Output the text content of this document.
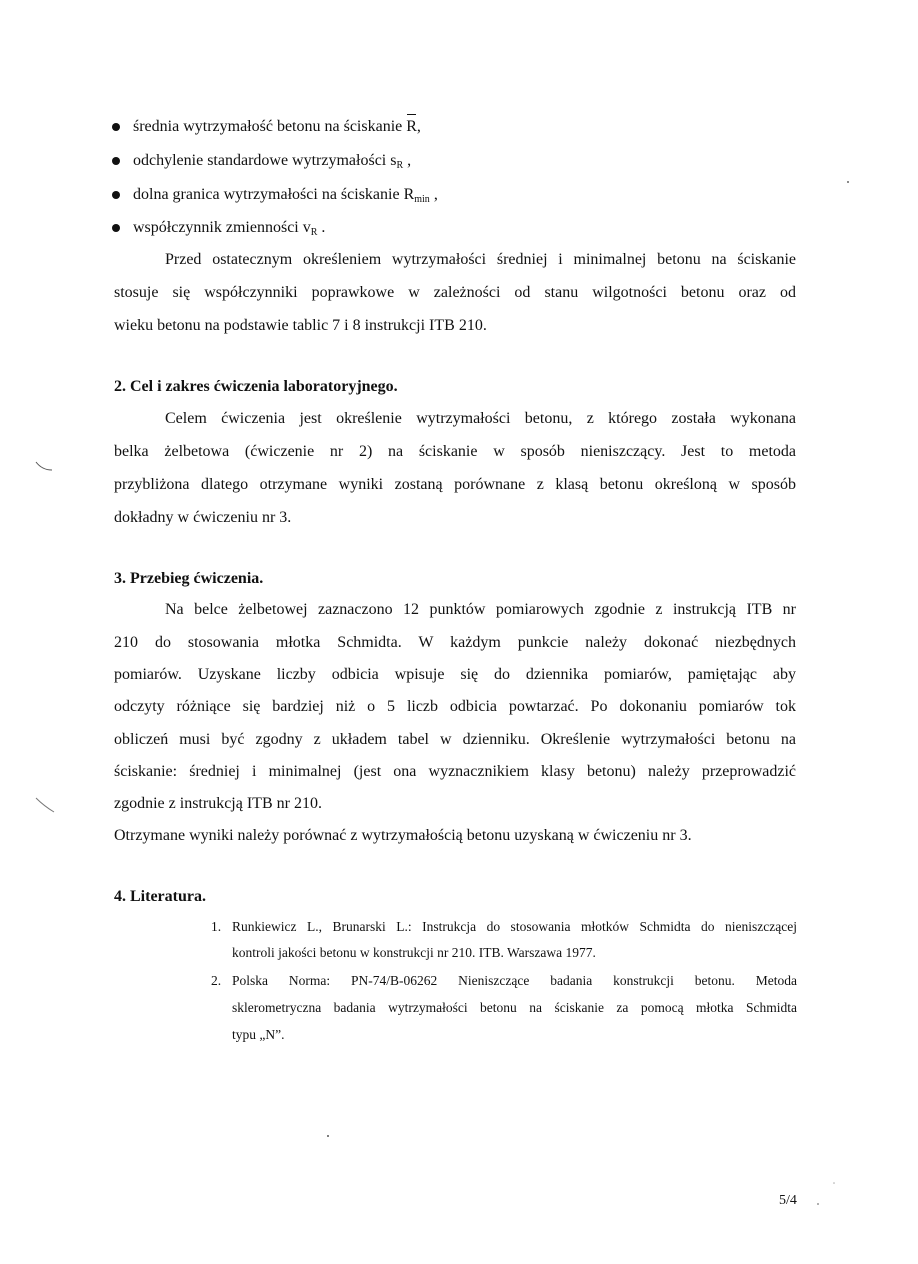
średnia wytrzymałość betonu na ściskanie R,
odchylenie standardowe wytrzymałości $s_R$ ,
dolna granica wytrzymałości na ściskanie $R_{min}$ ,
współczynnik zmienności $v_R$ .
Przed ostatecznym określeniem wytrzymałości średniej i minimalnej betonu na ściskanie
stosuje się współczynniki poprawkowe w zależności od stanu wilgotności betonu oraz od
wieku betonu na podstawie tablic 7 i 8 instrukcji ITB 210.
2. Cel i zakres ćwiczenia laboratoryjnego.
Celem ćwiczenia jest określenie wytrzymałości betonu, z którego została wykonana
belka żelbetowa (ćwiczenie nr 2) na ściskanie w sposób nieniszczący. Jest to metoda
przybliżona dlatego otrzymane wyniki zostaną porównane z klasą betonu określoną w sposób
dokładny w ćwiczeniu nr 3.
3. Przebieg ćwiczenia.
Na belce żelbetowej zaznaczono 12 punktów pomiarowych zgodnie z instrukcją ITB nr
210 do stosowania młotka Schmidta. W każdym punkcie należy dokonać niezbędnych
pomiarów. Uzyskane liczby odbicia wpisuje się do dziennika pomiarów, pamiętając aby
odczyty różniące się bardziej niż o 5 liczb odbicia powtarzać. Po dokonaniu pomiarów tok
obliczeń musi być zgodny z układem tabel w dzienniku. Określenie wytrzymałości betonu na
ściskanie: średniej i minimalnej (jest ona wyznacznikiem klasy betonu) należy przeprowadzić
zgodnie z instrukcją ITB nr 210.
Otrzymane wyniki należy porównać z wytrzymałością betonu uzyskaną w ćwiczeniu nr 3.
4. Literatura.
1. Runkiewicz L., Brunarski L.: Instrukcja do stosowania młotków Schmidta do nieniszczącej
kontroli jakości betonu w konstrukcji nr 210. ITB. Warszawa 1977.
2. Polska Norma: PN-74/B-06262 Nieniszczące badania konstrukcji betonu. Metoda
sklerometryczna badania wytrzymałości betonu na ściskanie za pomocą młotka Schmidta
typu „N”.
5/4
